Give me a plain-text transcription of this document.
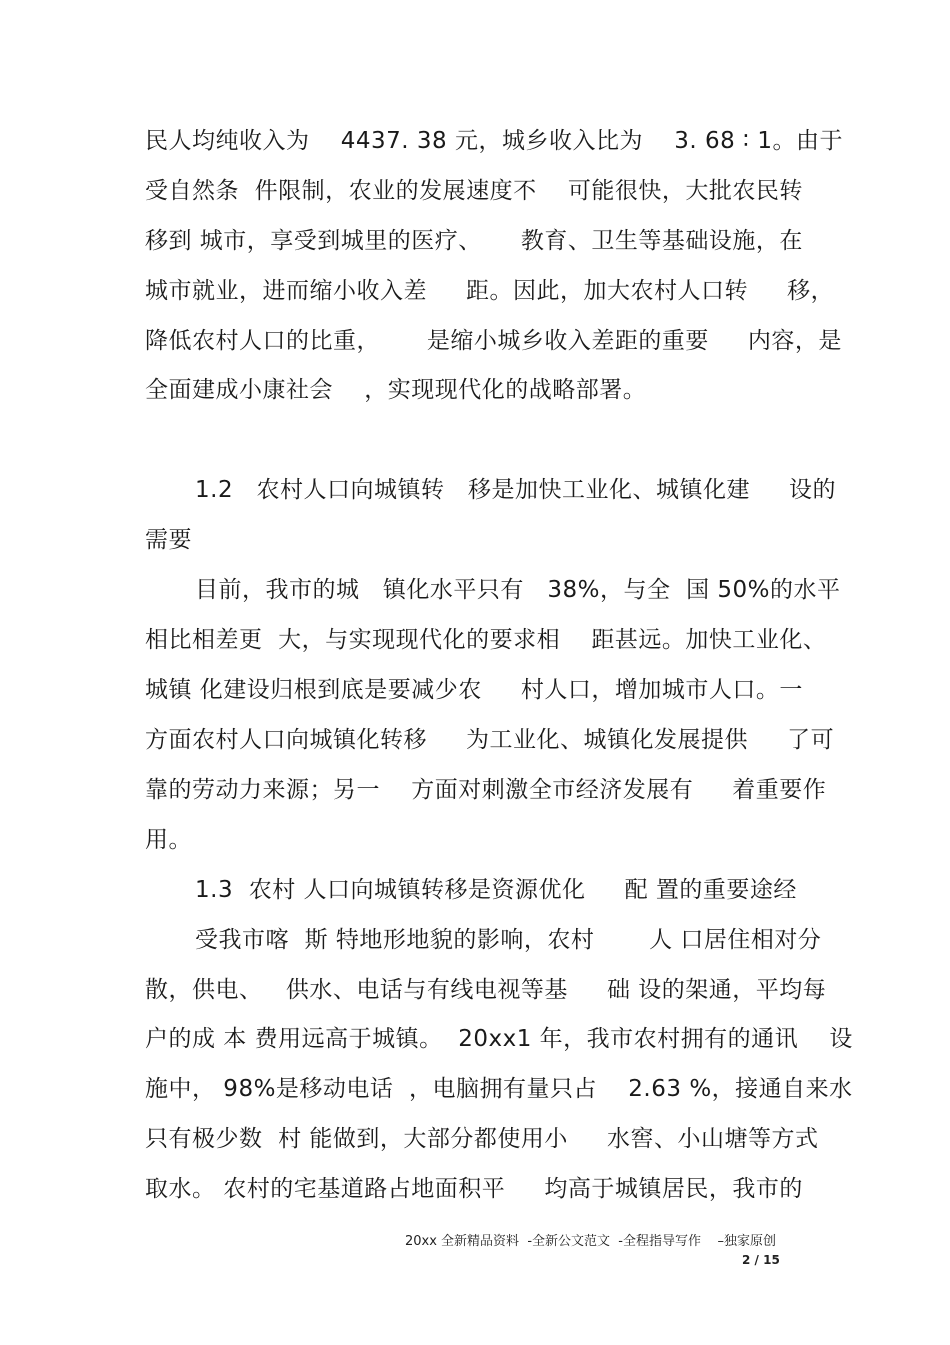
民人均纯收入为    4437. 38 元，城乡收入比为    3. 68 ∶ 1。由于
受自然条  件限制，农业的发展速度不    可能很快，大批农民转
移到 城市，享受到城里的医疗、     教育、卫生等基础设施，在
城市就业，进而缩小收入差     距。因此，加大农村人口转     移，
降低农村人口的比重，      是缩小城乡收入差距的重要     内容，是
全面建成小康社会    ，实现现代化的战略部署。
1.2   农村人口向城镇转   移是加快工业化、城镇化建     设的
需要
目前，我市的城   镇化水平只有   38%，与全  国 50%的水平
相比相差更  大，与实现现代化的要求相    距甚远。加快工业化、
城镇 化建设归根到底是要减少农     村人口，增加城市人口。一
方面农村人口向城镇化转移     为工业化、城镇化发展提供     了可
靠的劳动力来源；另一    方面对刺激全市经济发展有     着重要作
用。
1.3  农村 人口向城镇转移是资源优化     配 置的重要途经
受我市喀  斯 特地形地貌的影响，农村       人 口居住相对分
散，供电、   供水、电话与有线电视等基     础 设的架通，平均每
户的成 本 费用远高于城镇。  20xx1 年，我市农村拥有的通讯    设
施中， 98%是移动电话  ，电脑拥有量只占    2.63 %，接通自来水
只有极少数  村 能做到，大部分都使用小     水窖、小山塘等方式
取水。 农村的宅基道路占地面积平     均高于城镇居民，我市的
20xx 全新精品资料  -全新公文范文  -全程指导写作    –独家原创
2 / 15
